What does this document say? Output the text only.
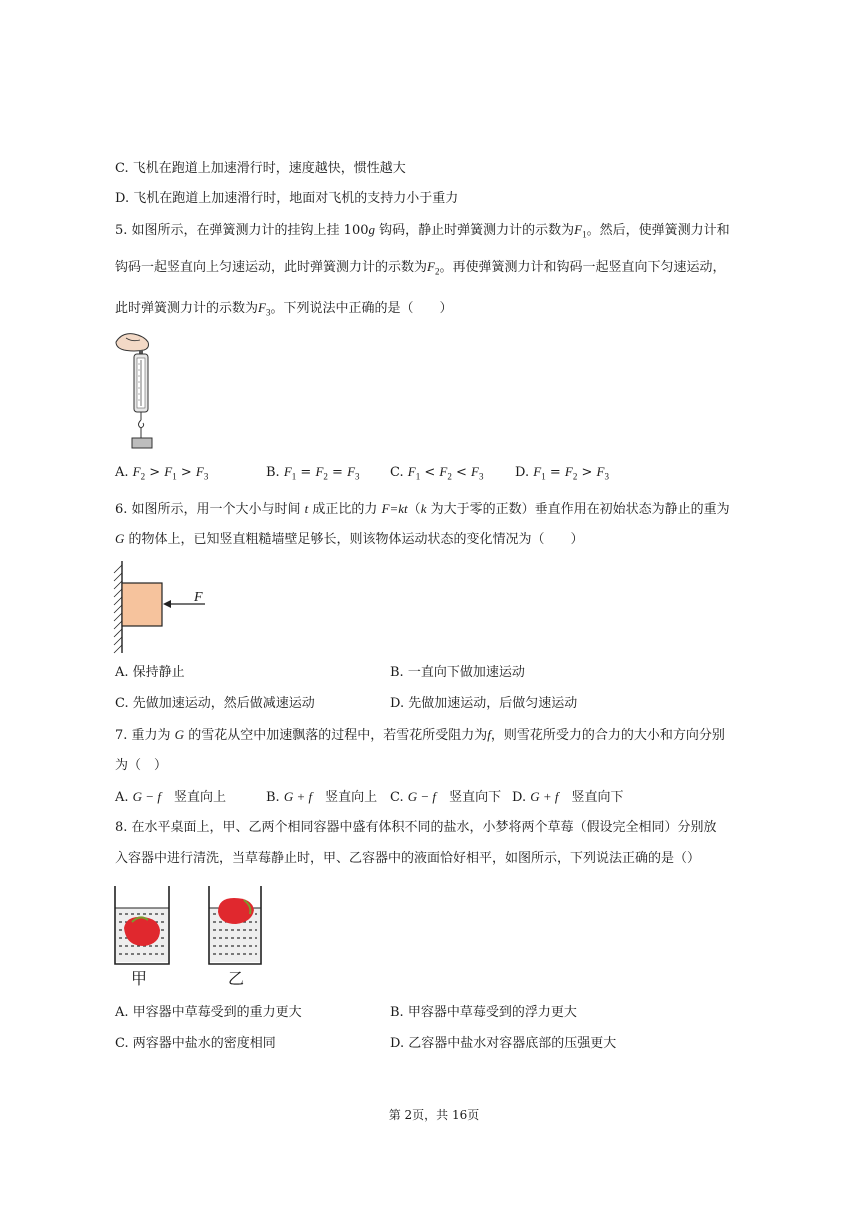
C. 飞机在跑道上加速滑行时，速度越快，惯性越大
D. 飞机在跑道上加速滑行时，地面对飞机的支持力小于重力
5. 如图所示，在弹簧测力计的挂钩上挂 100g 钩码，静止时弹簧测力计的示数为$F_1$。然后，使弹簧测力计和
钩码一起竖直向上匀速运动，此时弹簧测力计的示数为$F_2$。再使弹簧测力计和钩码一起竖直向下匀速运动，
此时弹簧测力计的示数为$F_3$。下列说法中正确的是（　　）
A. $F_2 > F_1 > F_3$	B. $F_1 = F_2 = F_3$ C. $F_1 < F_2 < F_3$ D. $F_1 = F_2 > F_3$
6. 如图所示，用一个大小与时间 t 成正比的力 F=kt（k 为大于零的正数）垂直作用在初始状态为静止的重为
G 的物体上，已知竖直粗糙墙壁足够长，则该物体运动状态的变化情况为（　　）
F
A. 保持静止	B. 一直向下做加速运动
C. 先做加速运动，然后做减速运动	D. 先做加速运动，后做匀速运动
7. 重力为 G 的雪花从空中加速飘落的过程中，若雪花所受阻力为f，则雪花所受力的合力的大小和方向分别
为（　）
A. G − f　 竖直向上	B. G + f　 竖直向上 C. G − f　 竖直向下 D. G + f　 竖直向下
8. 在水平桌面上，甲、乙两个相同容器中盛有体积不同的盐水，小梦将两个草莓（假设完全相同）分别放
入容器中进行清洗，当草莓静止时，甲、乙容器中的液面恰好相平，如图所示，下列说法正确的是（）
甲	乙
A. 甲容器中草莓受到的重力更大	B. 甲容器中草莓受到的浮力更大
C. 两容器中盐水的密度相同	D. 乙容器中盐水对容器底部的压强更大
第 2页，共 16页
